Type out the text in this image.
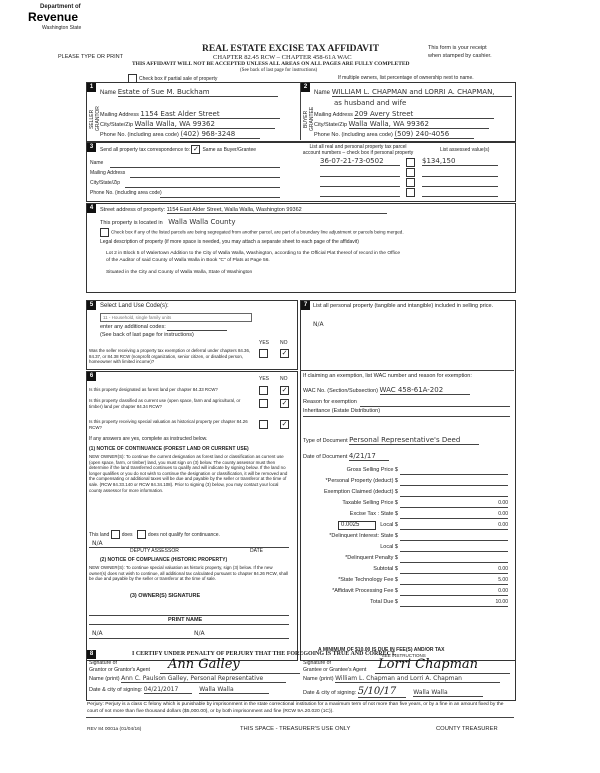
Department of
Revenue
Washington State
PLEASE TYPE OR PRINT
REAL ESTATE EXCISE TAX AFFIDAVIT
CHAPTER 82.45 RCW – CHAPTER 458-61A WAC
THIS AFFIDAVIT WILL NOT BE ACCEPTED UNLESS ALL AREAS ON ALL PAGES ARE FULLY COMPLETED
(See back of last page for instructions)
This form is your receipt
when stamped by cashier.
Check box if partial sale of property	If multiple owners, list percentage of ownership next to name.
1	2
SELLER GRANTOR	BUYER GRANTEE
Name Estate of Sue M. Buckham
Mailing Address 1154 East Alder Street
City/State/Zip Walla Walla, WA 99362
Phone No. (including area code) (402) 968-3248
Name WILLIAM L. CHAPMAN and LORRI A. CHAPMAN,
as husband and wife
Mailing Address 209 Avery Street
City/State/Zip Walla Walla, WA 99362
Phone No. (including area code) (509) 240-4056
3	Send all property tax correspondence to: ✓ Same as Buyer/Grantee
Name
Mailing Address
City/State/Zip
Phone No. (including area code)
List all real and personal property tax parcel account numbers – check box if personal property	List assessed value(s)
36-07-21-73-0502	$134,150
4	Street address of property: 1154 East Alder Street, Walla Walla, Washington 99362
This property is located in Walla Walla County
Check box if any of the listed parcels are being segregated from another parcel, are part of a boundary line adjustment or parcels being merged.
Legal description of property (if more space is needed, you may attach a separate sheet to each page of the affidavit)
Lot 2 in Block 5 of Walertown Addition to the City of Walla Walla, Washington, according to the Official Plat thereof of record in the Office
of the Auditor of said County of Walla Walla in Book "C" of Plats at Page 56.
Situated in the City and County of Walla Walla, State of Washington
5	Select Land Use Code(s):
11 - Household, single family units
enter any additional codes:
(See back of last page for instructions)
YES NO
Was the seller receiving a property tax exemption or deferral under chapters 84.36, 84.37, or 84.38 RCW (nonprofit organization, senior citizen, or disabled person, homeowner with limited income)?
✓
6	YES NO
Is this property designated as forest land per chapter 84.33 RCW?	✓
Is this property classified as current use (open space, farm and agricultural, or timber) land per chapter 84.34 RCW?	✓
Is this property receiving special valuation as historical property per chapter 84.26 RCW?	✓
If any answers are yes, complete as instructed below.
(1) NOTICE OF CONTINUANCE (FOREST LAND OR CURRENT USE)
NEW OWNER(S): To continue the current designation as forest land or classification as current use (open space, farm, or timber) land, you must sign on (3) below. The county assessor must then determine if the land transferred continues to qualify and will indicate by signing below. If the land no longer qualifies or you do not wish to continue the designation or classification, it will be removed and the compensating or additional taxes will be due and payable by the seller or transferor at the time of sale. (RCW 84.33.140 or RCW 84.34.108). Prior to signing (3) below, you may contact your local county assessor for more information.
This land does	does not qualify for continuance.
N/A
DEPUTY ASSESSOR	DATE
(2) NOTICE OF COMPLIANCE (HISTORIC PROPERTY)
NEW OWNER(S): To continue special valuation as historic property, sign (3) below. If the new owner(s) does not wish to continue, all additional tax calculated pursuant to chapter 84.26 RCW, shall be due and payable by the seller or transferor at the time of sale.
(3) OWNER(S) SIGNATURE
PRINT NAME
N/A	N/A
7	List all personal property (tangible and intangible) included in selling price.
N/A
If claiming an exemption, list WAC number and reason for exemption:
WAC No. (Section/Subsection) WAC 458-61A-202
Reason for exemption
Inheritance (Estate Distribution)
Type of Document Personal Representative's Deed
Date of Document 4/21/17
Gross Selling Price $
*Personal Property (deduct) $
Exemption Claimed (deduct) $
Taxable Selling Price $	0.00
Excise Tax : State $	0.00
Local $	0.00
*Delinquent Interest: State $
Local $
*Delinquent Penalty $
Subtotal $	0.00
*State Technology Fee $	5.00
*Affidavit Processing Fee $	0.00
Total Due $	10.00
0.0025
A MINIMUM OF $10.00 IS DUE IN FEE(S) AND/OR TAX
*SEE INSTRUCTIONS
8	I CERTIFY UNDER PENALTY OF PERJURY THAT THE FOREGOING IS TRUE AND CORRECT.
Signature of
Grantor or Grantor's Agent Ann Galley	Signature of
Grantee or Grantee's Agent Lorri Chapman
Name (print) Ann C. Paulson Galley, Personal Representative	Name (print) William L. Chapman and Lorri A. Chapman
Date & city of signing: 04/21/2017	Walla Walla	Date & city of signing: 5/10/17	Walla Walla
Perjury: Perjury is a class C felony which is punishable by imprisonment in the state correctional institution for a maximum term of not more than five years, or by a fine in an amount fixed by the court of not more than five thousand dollars ($5,000.00), or by both imprisonment and fine (RCW 9A.20.020 (1C)).
REV 84 0001a (01/04/16)	THIS SPACE - TREASURER'S USE ONLY	COUNTY TREASURER
